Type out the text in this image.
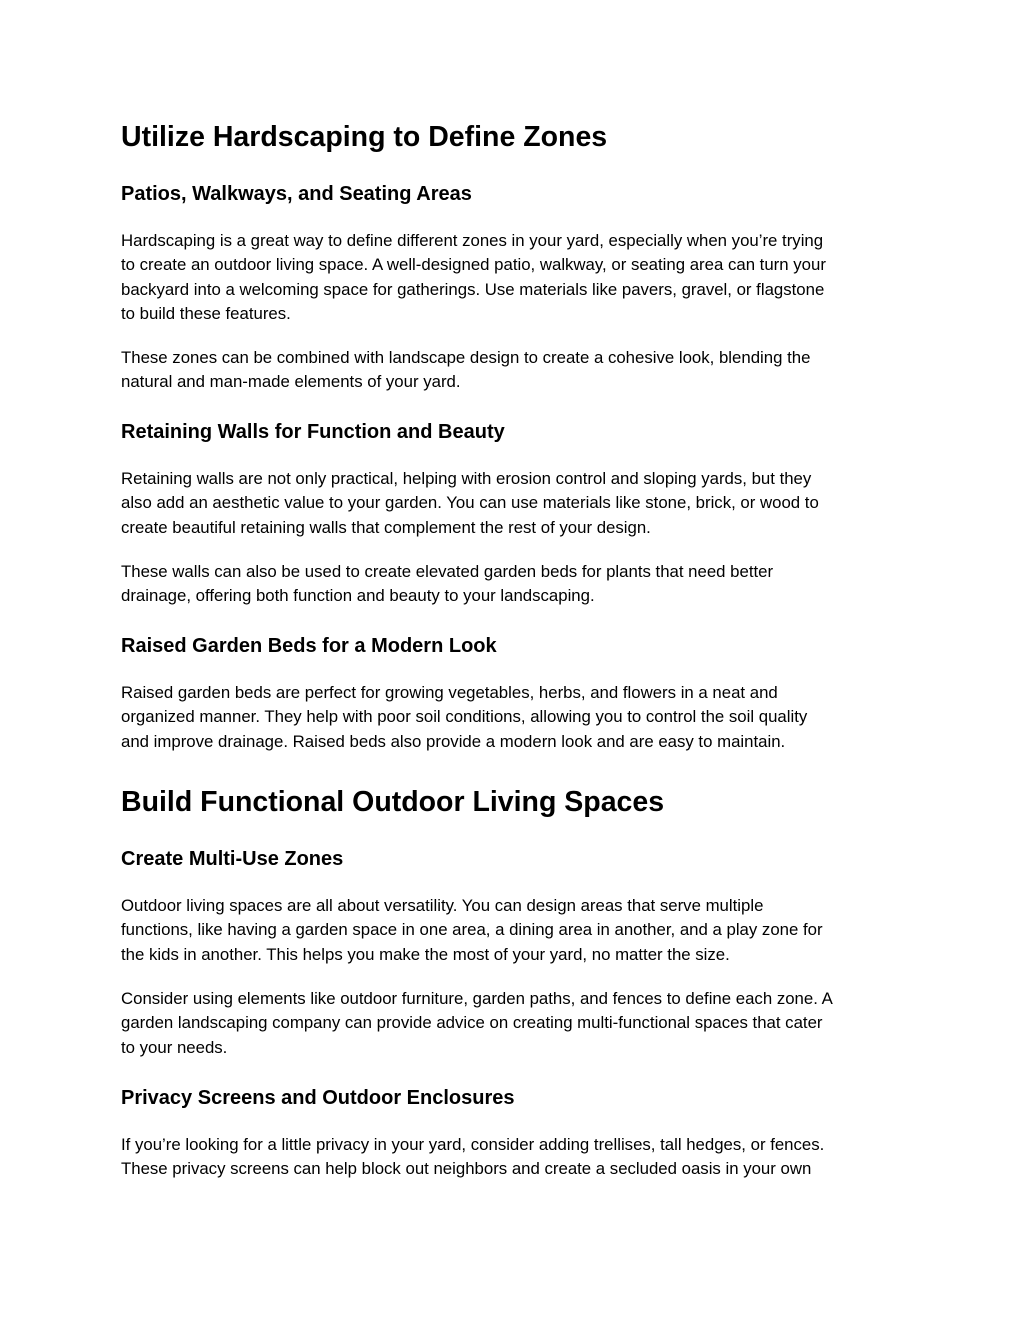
Utilize Hardscaping to Define Zones
Patios, Walkways, and Seating Areas
Hardscaping is a great way to define different zones in your yard, especially when you’re trying
to create an outdoor living space. A well-designed patio, walkway, or seating area can turn your
backyard into a welcoming space for gatherings. Use materials like pavers, gravel, or flagstone
to build these features.
These zones can be combined with landscape design to create a cohesive look, blending the
natural and man-made elements of your yard.
Retaining Walls for Function and Beauty
Retaining walls are not only practical, helping with erosion control and sloping yards, but they
also add an aesthetic value to your garden. You can use materials like stone, brick, or wood to
create beautiful retaining walls that complement the rest of your design.
These walls can also be used to create elevated garden beds for plants that need better
drainage, offering both function and beauty to your landscaping.
Raised Garden Beds for a Modern Look
Raised garden beds are perfect for growing vegetables, herbs, and flowers in a neat and
organized manner. They help with poor soil conditions, allowing you to control the soil quality
and improve drainage. Raised beds also provide a modern look and are easy to maintain.
Build Functional Outdoor Living Spaces
Create Multi-Use Zones
Outdoor living spaces are all about versatility. You can design areas that serve multiple
functions, like having a garden space in one area, a dining area in another, and a play zone for
the kids in another. This helps you make the most of your yard, no matter the size.
Consider using elements like outdoor furniture, garden paths, and fences to define each zone. A
garden landscaping company can provide advice on creating multi-functional spaces that cater
to your needs.
Privacy Screens and Outdoor Enclosures
If you’re looking for a little privacy in your yard, consider adding trellises, tall hedges, or fences.
These privacy screens can help block out neighbors and create a secluded oasis in your own
